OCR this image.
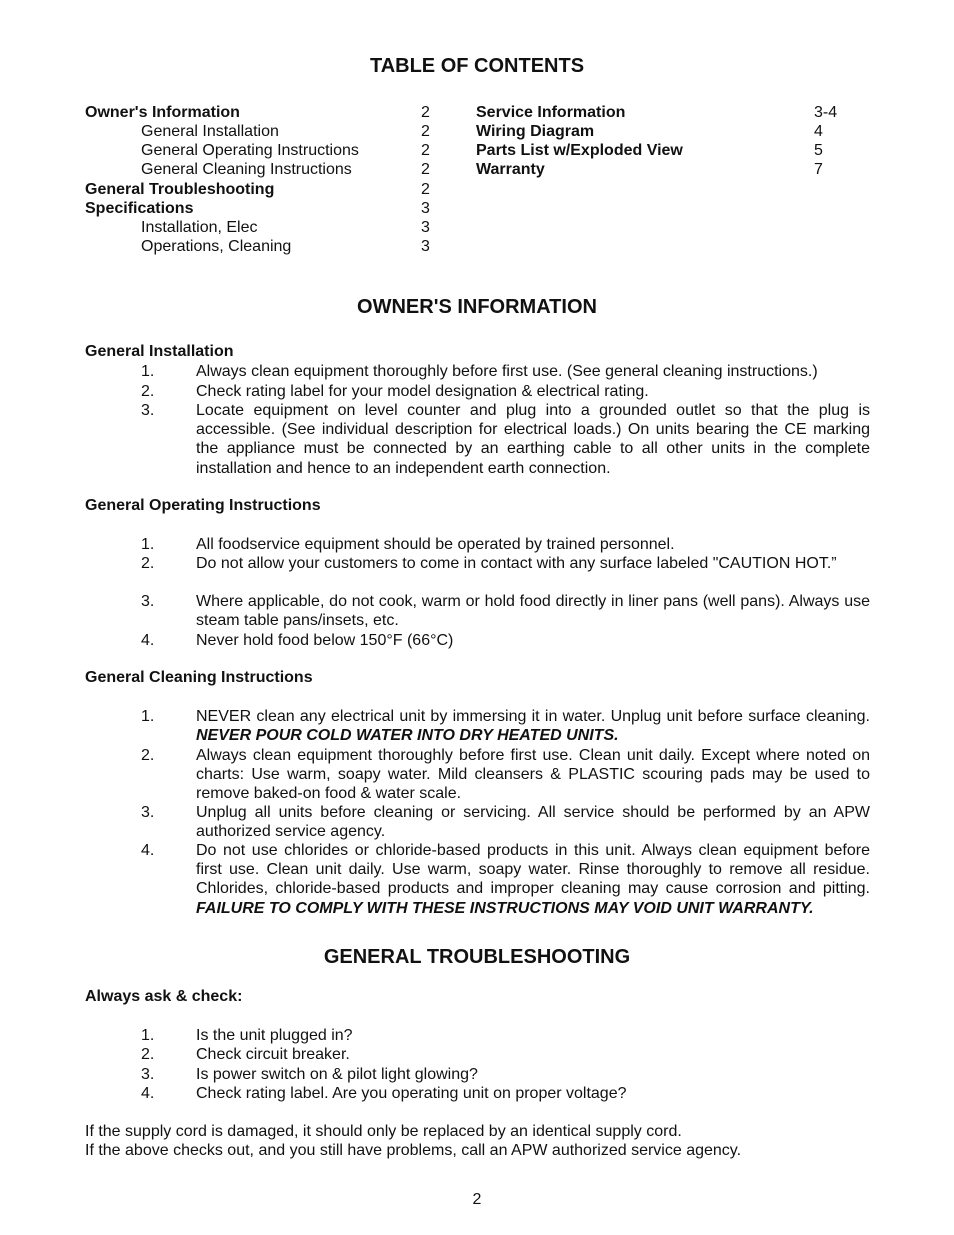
TABLE OF CONTENTS
Owner's Information	2
General Installation	2
General Operating Instructions	2
General Cleaning Instructions	2
General Troubleshooting	2
Specifications	3
Installation, Elec	3
Operations, Cleaning	3
Service Information	3-4
Wiring Diagram	4
Parts List w/Exploded View	5
Warranty	7
OWNER'S INFORMATION
General Installation
1.	Always clean equipment thoroughly before first use. (See general cleaning instructions.)
2.	Check rating label for your model designation & electrical rating.
3.	Locate equipment on level counter and plug into a grounded outlet so that the plug is accessible. (See individual description for electrical loads.) On units bearing the CE marking the appliance must be connected by an earthing cable to all other units in the complete installation and hence to an independent earth connection.
General Operating Instructions
1.	All foodservice equipment should be operated by trained personnel.
2.	Do not allow your customers to come in contact with any surface labeled "CAUTION HOT.”
3.	Where applicable, do not cook, warm or hold food directly in liner pans (well pans). Always use steam table pans/insets, etc.
4.	Never hold food below 150°F (66°C)
General Cleaning Instructions
1.	NEVER clean any electrical unit by immersing it in water. Unplug unit before surface cleaning. NEVER POUR COLD WATER INTO DRY HEATED UNITS.
2.	Always clean equipment thoroughly before first use. Clean unit daily. Except where noted on charts: Use warm, soapy water. Mild cleansers & PLASTIC scouring pads may be used to remove baked-on food & water scale.
3.	Unplug all units before cleaning or servicing. All service should be performed by an APW authorized service agency.
4.	Do not use chlorides or chloride-based products in this unit. Always clean equipment before first use. Clean unit daily. Use warm, soapy water. Rinse thoroughly to remove all residue. Chlorides, chloride-based products and improper cleaning may cause corrosion and pitting. FAILURE TO COMPLY WITH THESE INSTRUCTIONS MAY VOID UNIT WARRANTY.
GENERAL TROUBLESHOOTING
Always ask & check:
1.	Is the unit plugged in?
2.	Check circuit breaker.
3.	Is power switch on & pilot light glowing?
4.	Check rating label. Are you operating unit on proper voltage?
If the supply cord is damaged, it should only be replaced by an identical supply cord.
If the above checks out, and you still have problems, call an APW authorized service agency.
2
